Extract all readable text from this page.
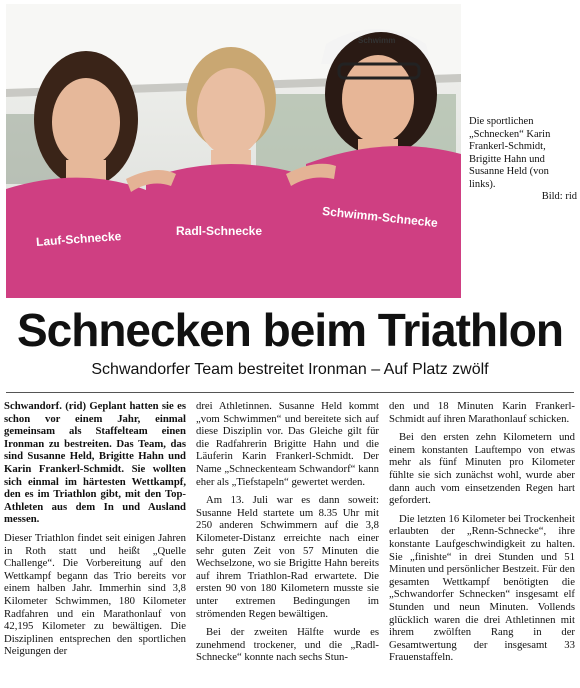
Lauf-Schnecke	Radl-Schnecke
Schwimm-Schnecke
Schwimm
Die sportlichen „Schnecken“ Karin Frankerl-Schmidt, Brigitte Hahn und Susanne Held (von links).
Bild: rid
Schnecken beim Triathlon
Schwandorfer Team bestreitet Ironman – Auf Platz zwölf

Schwandorf. (rid) Geplant hatten sie es schon vor einem Jahr, einmal gemeinsam als Staffelteam einen Ironman zu bestreiten. Das Team, das sind Susanne Held, Brigitte Hahn und Karin Frankerl-Schmidt. Sie wollten sich einmal im härtesten Wettkampf, den es im Triathlon gibt, mit den Top-Athleten aus dem In und Ausland messen.

Dieser Triathlon findet seit einigen Jahren in Roth statt und heißt „Quelle Challenge“. Die Vorbereitung auf den Wettkampf begann das Trio bereits vor einem halben Jahr. Immerhin sind 3,8 Kilometer Schwimmen, 180 Kilometer Radfahren und ein Marathonlauf von 42,195 Kilometer zu bewältigen. Die Disziplinen entsprechen den sportlichen Neigungen der

drei Athletinnen. Susanne Held kommt „vom Schwimmen“ und bereitete sich auf diese Disziplin vor. Das Gleiche gilt für die Radfahrerin Brigitte Hahn und die Läuferin Karin Frankerl-Schmidt. Der Name „Schneckenteam Schwandorf“ kann eher als „Tiefstapeln“ gewertet werden.

Am 13. Juli war es dann soweit: Susanne Held startete um 8.35 Uhr mit 250 anderen Schwimmern auf die 3,8 Kilometer-Distanz erreichte nach einer sehr guten Zeit von 57 Minuten die Wechselzone, wo sie Brigitte Hahn bereits auf ihrem Triathlon-Rad erwartete. Die ersten 90 von 180 Kilometern musste sie unter extremen Bedingungen im strömenden Regen bewältigen.

Bei der zweiten Hälfte wurde es zunehmend trockener, und die „Radl-Schnecke“ konnte nach sechs Stun-

den und 18 Minuten Karin Frankerl-Schmidt auf ihren Marathonlauf schicken.

Bei den ersten zehn Kilometern und einem konstanten Lauftempo von etwas mehr als fünf Minuten pro Kilometer fühlte sie sich zunächst wohl, wurde aber dann auch vom einsetzenden Regen hart gefordert.

Die letzten 16 Kilometer bei Trockenheit erlaubten der „Renn-Schnecke“, ihre konstante Laufgeschwindigkeit zu halten. Sie „finishte“ in drei Stunden und 51 Minuten und persönlicher Bestzeit. Für den gesamten Wettkampf benötigten die „Schwandorfer Schnecken“ insgesamt elf Stunden und neun Minuten. Vollends glücklich waren die drei Athletinnen mit ihrem zwölften Rang in der Gesamtwertung der insgesamt 33 Frauenstaffeln.
